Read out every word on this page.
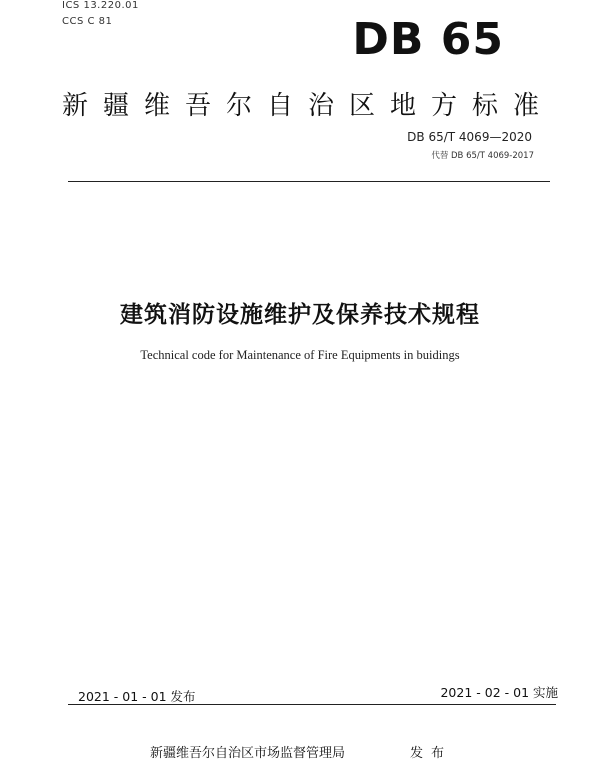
ICS 13.220.01
CCS C 81	DB 65
新疆维吾尔自治区地方标准
DB 65/T 4069—2020
代替 DB 65/T 4069-2017
建筑消防设施维护及保养技术规程
Technical code for Maintenance of Fire Equipments in buidings
2021 - 01 - 01 发布	2021 - 02 - 01 实施
新疆维吾尔自治区市场监督管理局	发布
